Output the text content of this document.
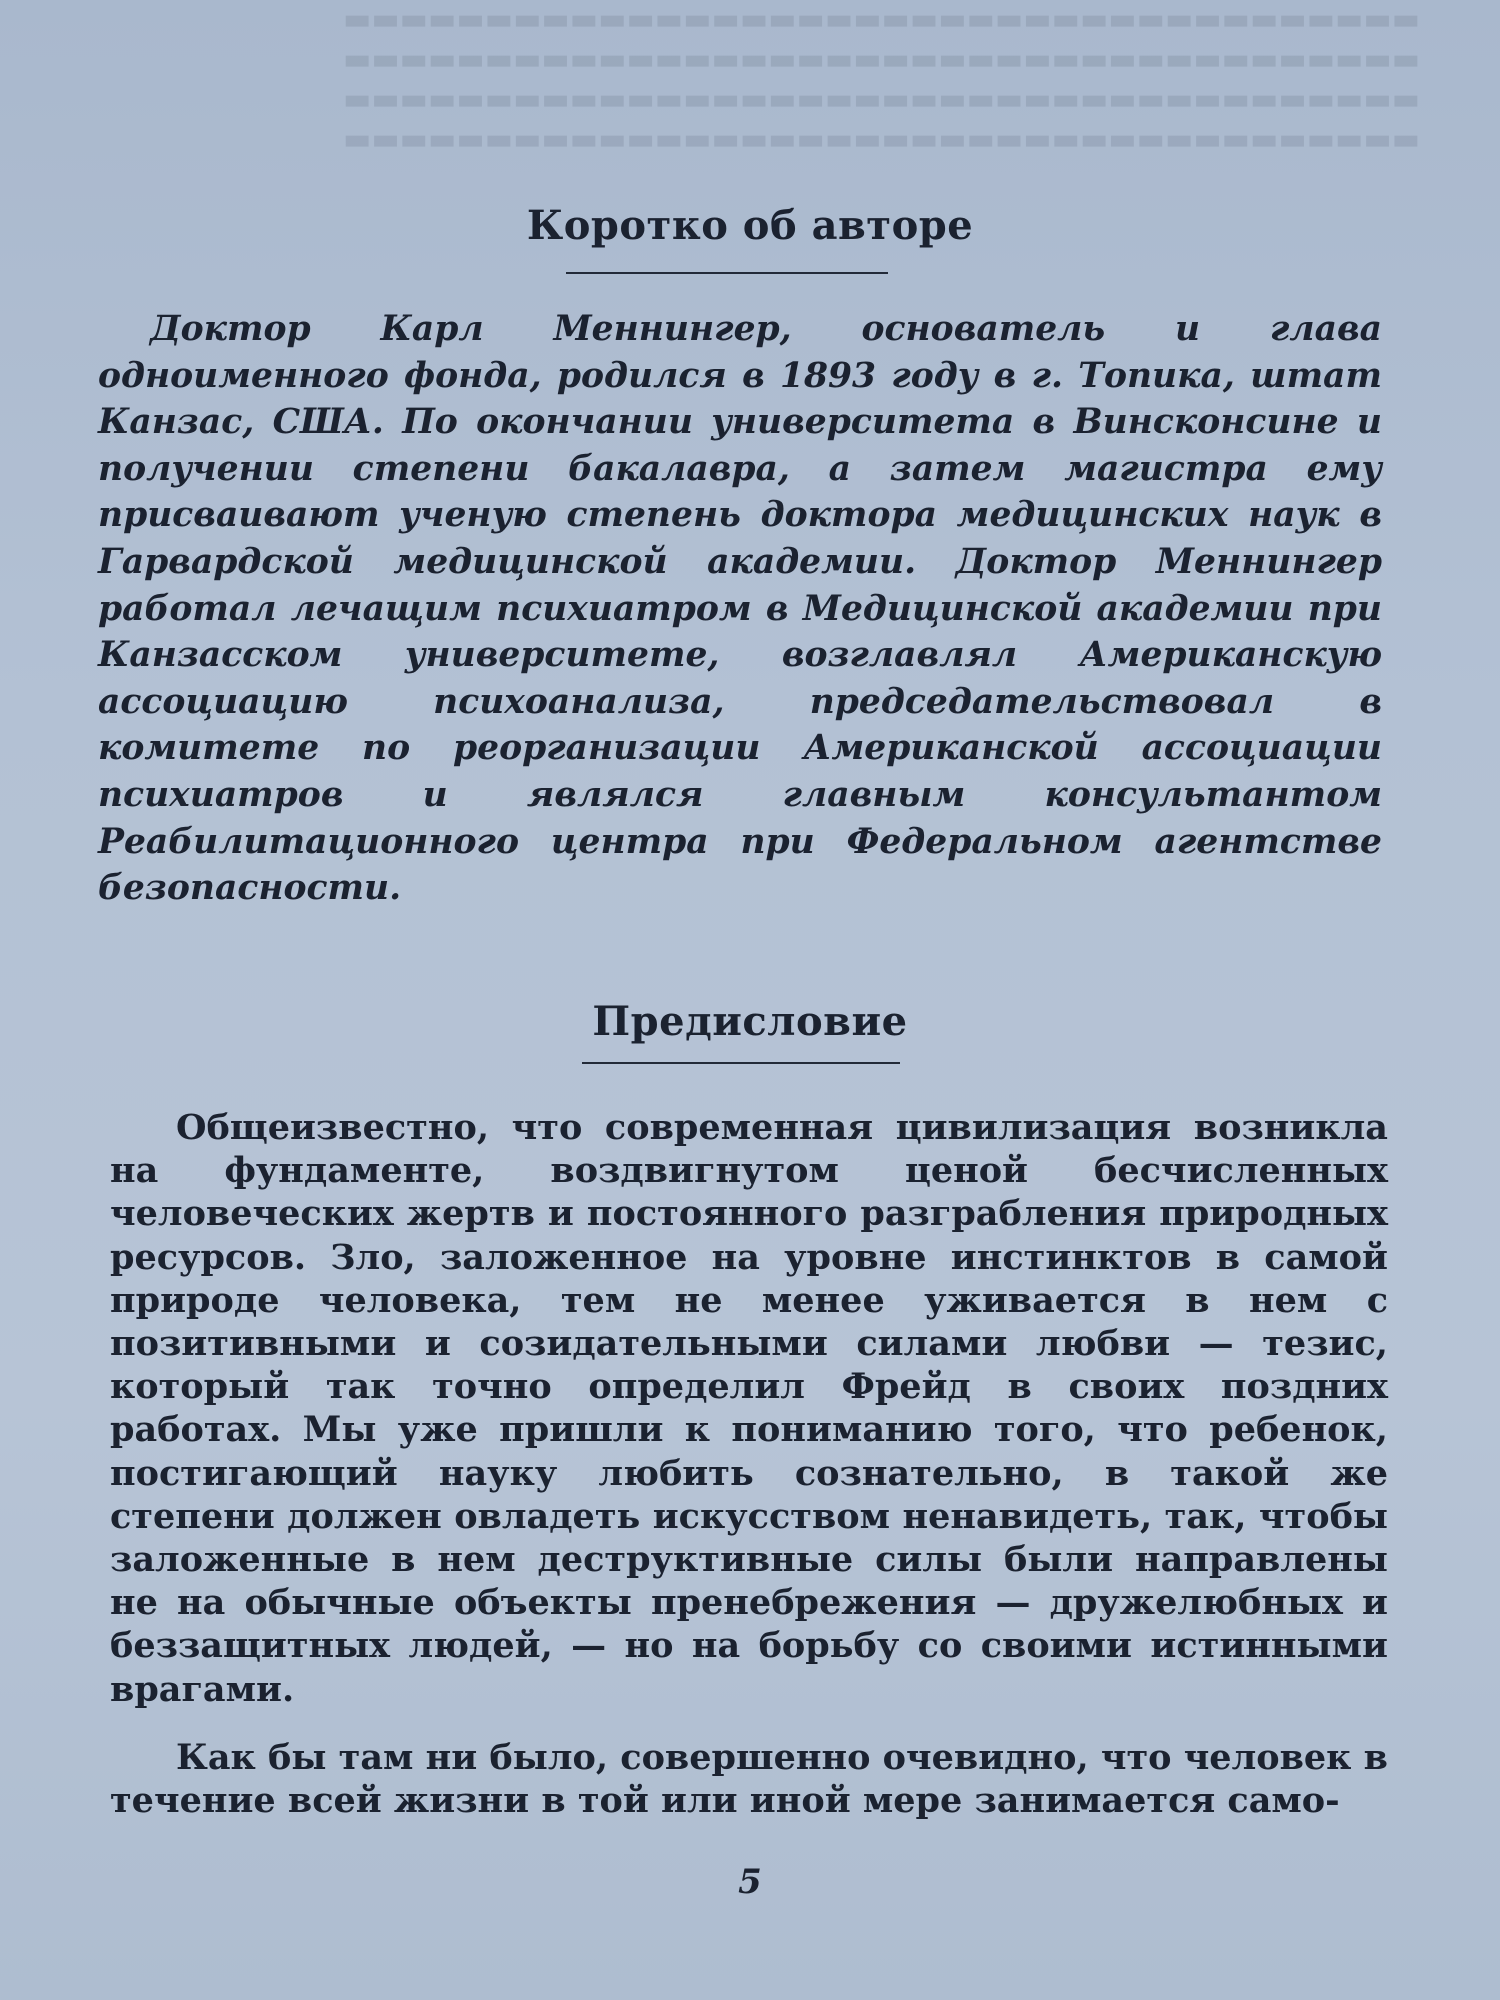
▬▬▬▬▬▬▬▬▬▬▬▬▬▬▬▬▬▬▬▬▬▬▬▬▬▬▬▬▬▬▬▬▬▬▬▬▬▬
▬▬▬▬▬▬▬▬▬▬▬▬▬▬▬▬▬▬▬▬▬▬▬▬▬▬▬▬▬▬▬▬▬▬▬▬▬▬
▬▬▬▬▬▬▬▬▬▬▬▬▬▬▬▬▬▬▬▬▬▬▬▬▬▬▬▬▬▬▬▬▬▬▬▬▬▬
▬▬▬▬▬▬▬▬▬▬▬▬▬▬▬▬▬▬▬▬▬▬▬▬▬▬▬▬▬▬▬▬▬▬▬▬▬▬
Коротко об авторе
Доктор Карл Меннингер, основатель и глава одноименного фонда, родился в 1893 году в г. Топика, штат Канзас, США. По окончании университета в Винсконсине и получении степени бакалавра, а затем магистра ему присваивают ученую степень доктора медицинских наук в Гарвардской медицинской академии. Доктор Меннингер работал лечащим психиатром в Медицинской академии при Канзасском университете, возглавлял Американскую ассоциацию психоанализа, председательствовал в комитете по реорганизации Американской ассоциации психиатров и являлся главным консультантом Реабилитационного центра при Федеральном агентстве безопасности.
Предисловие
Общеизвестно, что современная цивилизация возникла на фундаменте, воздвигнутом ценой бесчисленных человеческих жертв и постоянного разграбления природных ресурсов. Зло, заложенное на уровне инстинктов в самой природе человека, тем не менее уживается в нем с позитивными и созидательными силами любви — тезис, который так точно определил Фрейд в своих поздних работах. Мы уже пришли к пониманию того, что ребенок, постигающий науку любить сознательно, в такой же степени должен овладеть искусством ненавидеть, так, чтобы заложенные в нем деструктивные силы были направлены не на обычные объекты пренебрежения — дружелюбных и беззащитных людей, — но на борьбу со своими истинными врагами.
Как бы там ни было, совершенно очевидно, что человек в течение всей жизни в той или иной мере занимается само-
5
